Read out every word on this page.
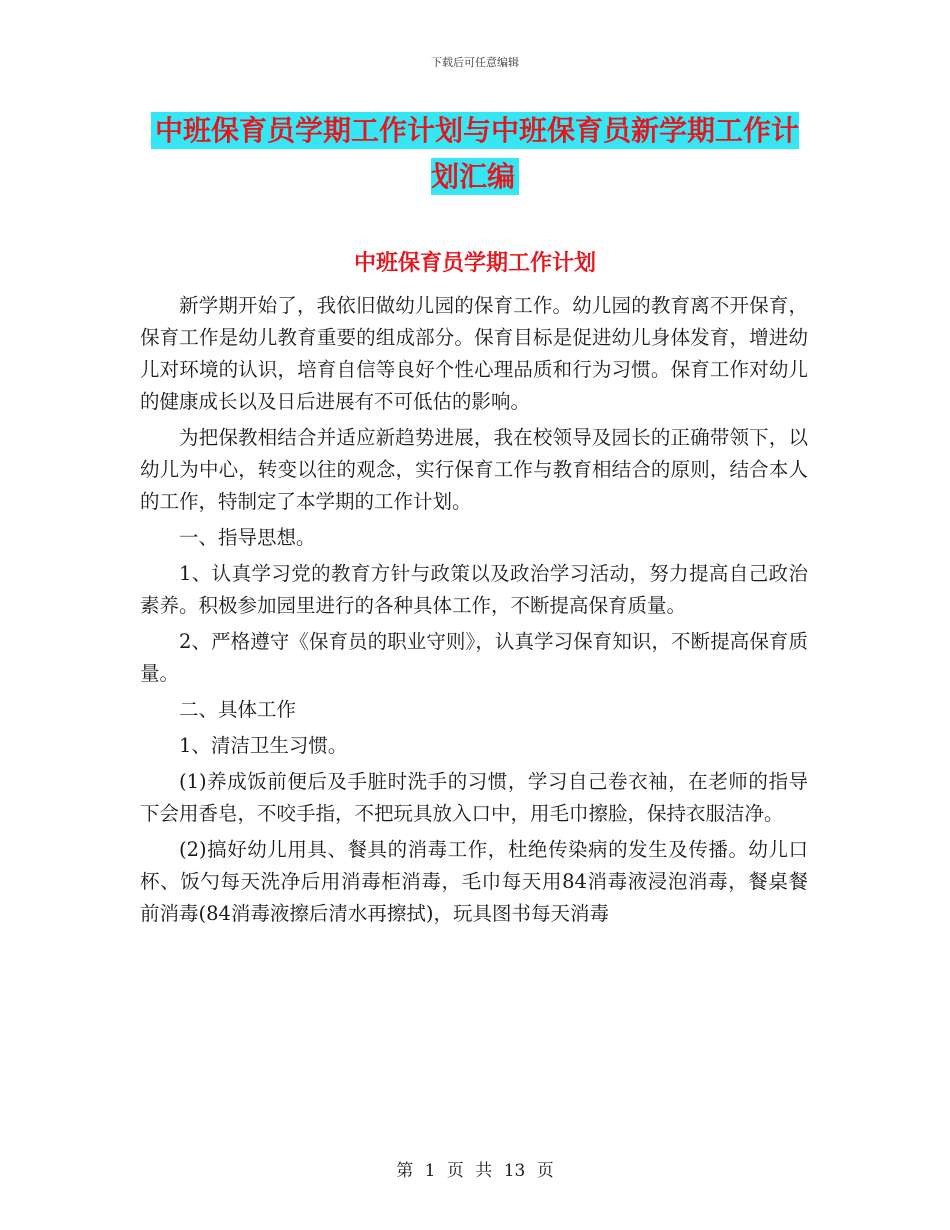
下载后可任意编辑
中班保育员学期工作计划与中班保育员新学期工作计划汇编
中班保育员学期工作计划

新学期开始了，我依旧做幼儿园的保育工作。幼儿园的教育离不开保育，保育工作是幼儿教育重要的组成部分。保育目标是促进幼儿身体发育，增进幼儿对环境的认识，培育自信等良好个性心理品质和行为习惯。保育工作对幼儿的健康成长以及日后进展有不可低估的影响。

为把保教相结合并适应新趋势进展，我在校领导及园长的正确带领下，以幼儿为中心，转变以往的观念，实行保育工作与教育相结合的原则，结合本人的工作，特制定了本学期的工作计划。

一、指导思想。

1、认真学习党的教育方针与政策以及政治学习活动，努力提高自己政治素养。积极参加园里进行的各种具体工作，不断提高保育质量。

2、严格遵守《保育员的职业守则》，认真学习保育知识，不断提高保育质量。

二、具体工作

1、清洁卫生习惯。

(1)养成饭前便后及手脏时洗手的习惯，学习自己卷衣袖，在老师的指导下会用香皂，不咬手指，不把玩具放入口中，用毛巾擦脸，保持衣服洁净。

(2)搞好幼儿用具、餐具的消毒工作，杜绝传染病的发生及传播。幼儿口杯、饭勺每天洗净后用消毒柜消毒，毛巾每天用84消毒液浸泡消毒，餐桌餐前消毒(84消毒液擦后清水再擦拭)，玩具图书每天消毒

第 1 页 共 13 页
